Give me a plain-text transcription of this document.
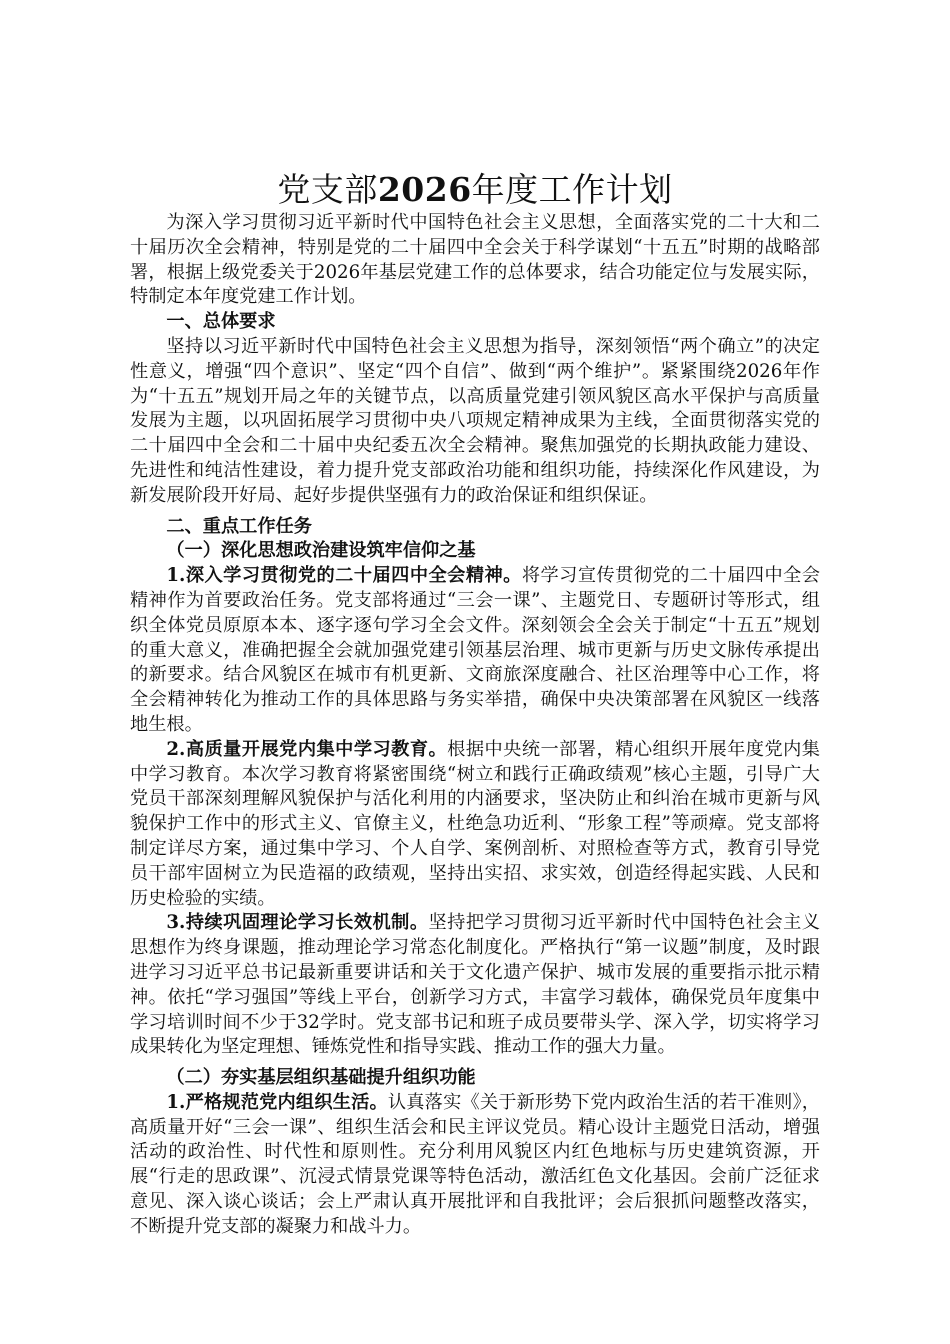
党支部2026年度工作计划

为深入学习贯彻习近平新时代中国特色社会主义思想，全面落实党的二十大和二十届历次全会精神，特别是党的二十届四中全会关于科学谋划“十五五”时期的战略部署，根据上级党委关于2026年基层党建工作的总体要求，结合功能定位与发展实际，特制定本年度党建工作计划。

一、总体要求

坚持以习近平新时代中国特色社会主义思想为指导，深刻领悟“两个确立”的决定性意义，增强“四个意识”、坚定“四个自信”、做到“两个维护”。紧紧围绕2026年作为“十五五”规划开局之年的关键节点，以高质量党建引领风貌区高水平保护与高质量发展为主题，以巩固拓展学习贯彻中央八项规定精神成果为主线，全面贯彻落实党的二十届四中全会和二十届中央纪委五次全会精神。聚焦加强党的长期执政能力建设、先进性和纯洁性建设，着力提升党支部政治功能和组织功能，持续深化作风建设，为新发展阶段开好局、起好步提供坚强有力的政治保证和组织保证。

二、重点工作任务
（一）深化思想政治建设筑牢信仰之基

1.深入学习贯彻党的二十届四中全会精神。将学习宣传贯彻党的二十届四中全会精神作为首要政治任务。党支部将通过“三会一课”、主题党日、专题研讨等形式，组织全体党员原原本本、逐字逐句学习全会文件。深刻领会全会关于制定“十五五”规划的重大意义，准确把握全会就加强党建引领基层治理、城市更新与历史文脉传承提出的新要求。结合风貌区在城市有机更新、文商旅深度融合、社区治理等中心工作，将全会精神转化为推动工作的具体思路与务实举措，确保中央决策部署在风貌区一线落地生根。

2.高质量开展党内集中学习教育。根据中央统一部署，精心组织开展年度党内集中学习教育。本次学习教育将紧密围绕“树立和践行正确政绩观”核心主题，引导广大党员干部深刻理解风貌保护与活化利用的内涵要求，坚决防止和纠治在城市更新与风貌保护工作中的形式主义、官僚主义，杜绝急功近利、“形象工程”等顽瘴。党支部将制定详尽方案，通过集中学习、个人自学、案例剖析、对照检查等方式，教育引导党员干部牢固树立为民造福的政绩观，坚持出实招、求实效，创造经得起实践、人民和历史检验的实绩。

3.持续巩固理论学习长效机制。坚持把学习贯彻习近平新时代中国特色社会主义思想作为终身课题，推动理论学习常态化制度化。严格执行“第一议题”制度，及时跟进学习习近平总书记最新重要讲话和关于文化遗产保护、城市发展的重要指示批示精神。依托“学习强国”等线上平台，创新学习方式，丰富学习载体，确保党员年度集中学习培训时间不少于32学时。党支部书记和班子成员要带头学、深入学，切实将学习成果转化为坚定理想、锤炼党性和指导实践、推动工作的强大力量。

（二）夯实基层组织基础提升组织功能

1.严格规范党内组织生活。认真落实《关于新形势下党内政治生活的若干准则》，高质量开好“三会一课”、组织生活会和民主评议党员。精心设计主题党日活动，增强活动的政治性、时代性和原则性。充分利用风貌区内红色地标与历史建筑资源，开展“行走的思政课”、沉浸式情景党课等特色活动，激活红色文化基因。会前广泛征求意见、深入谈心谈话；会上严肃认真开展批评和自我批评；会后狠抓问题整改落实，不断提升党支部的凝聚力和战斗力。
